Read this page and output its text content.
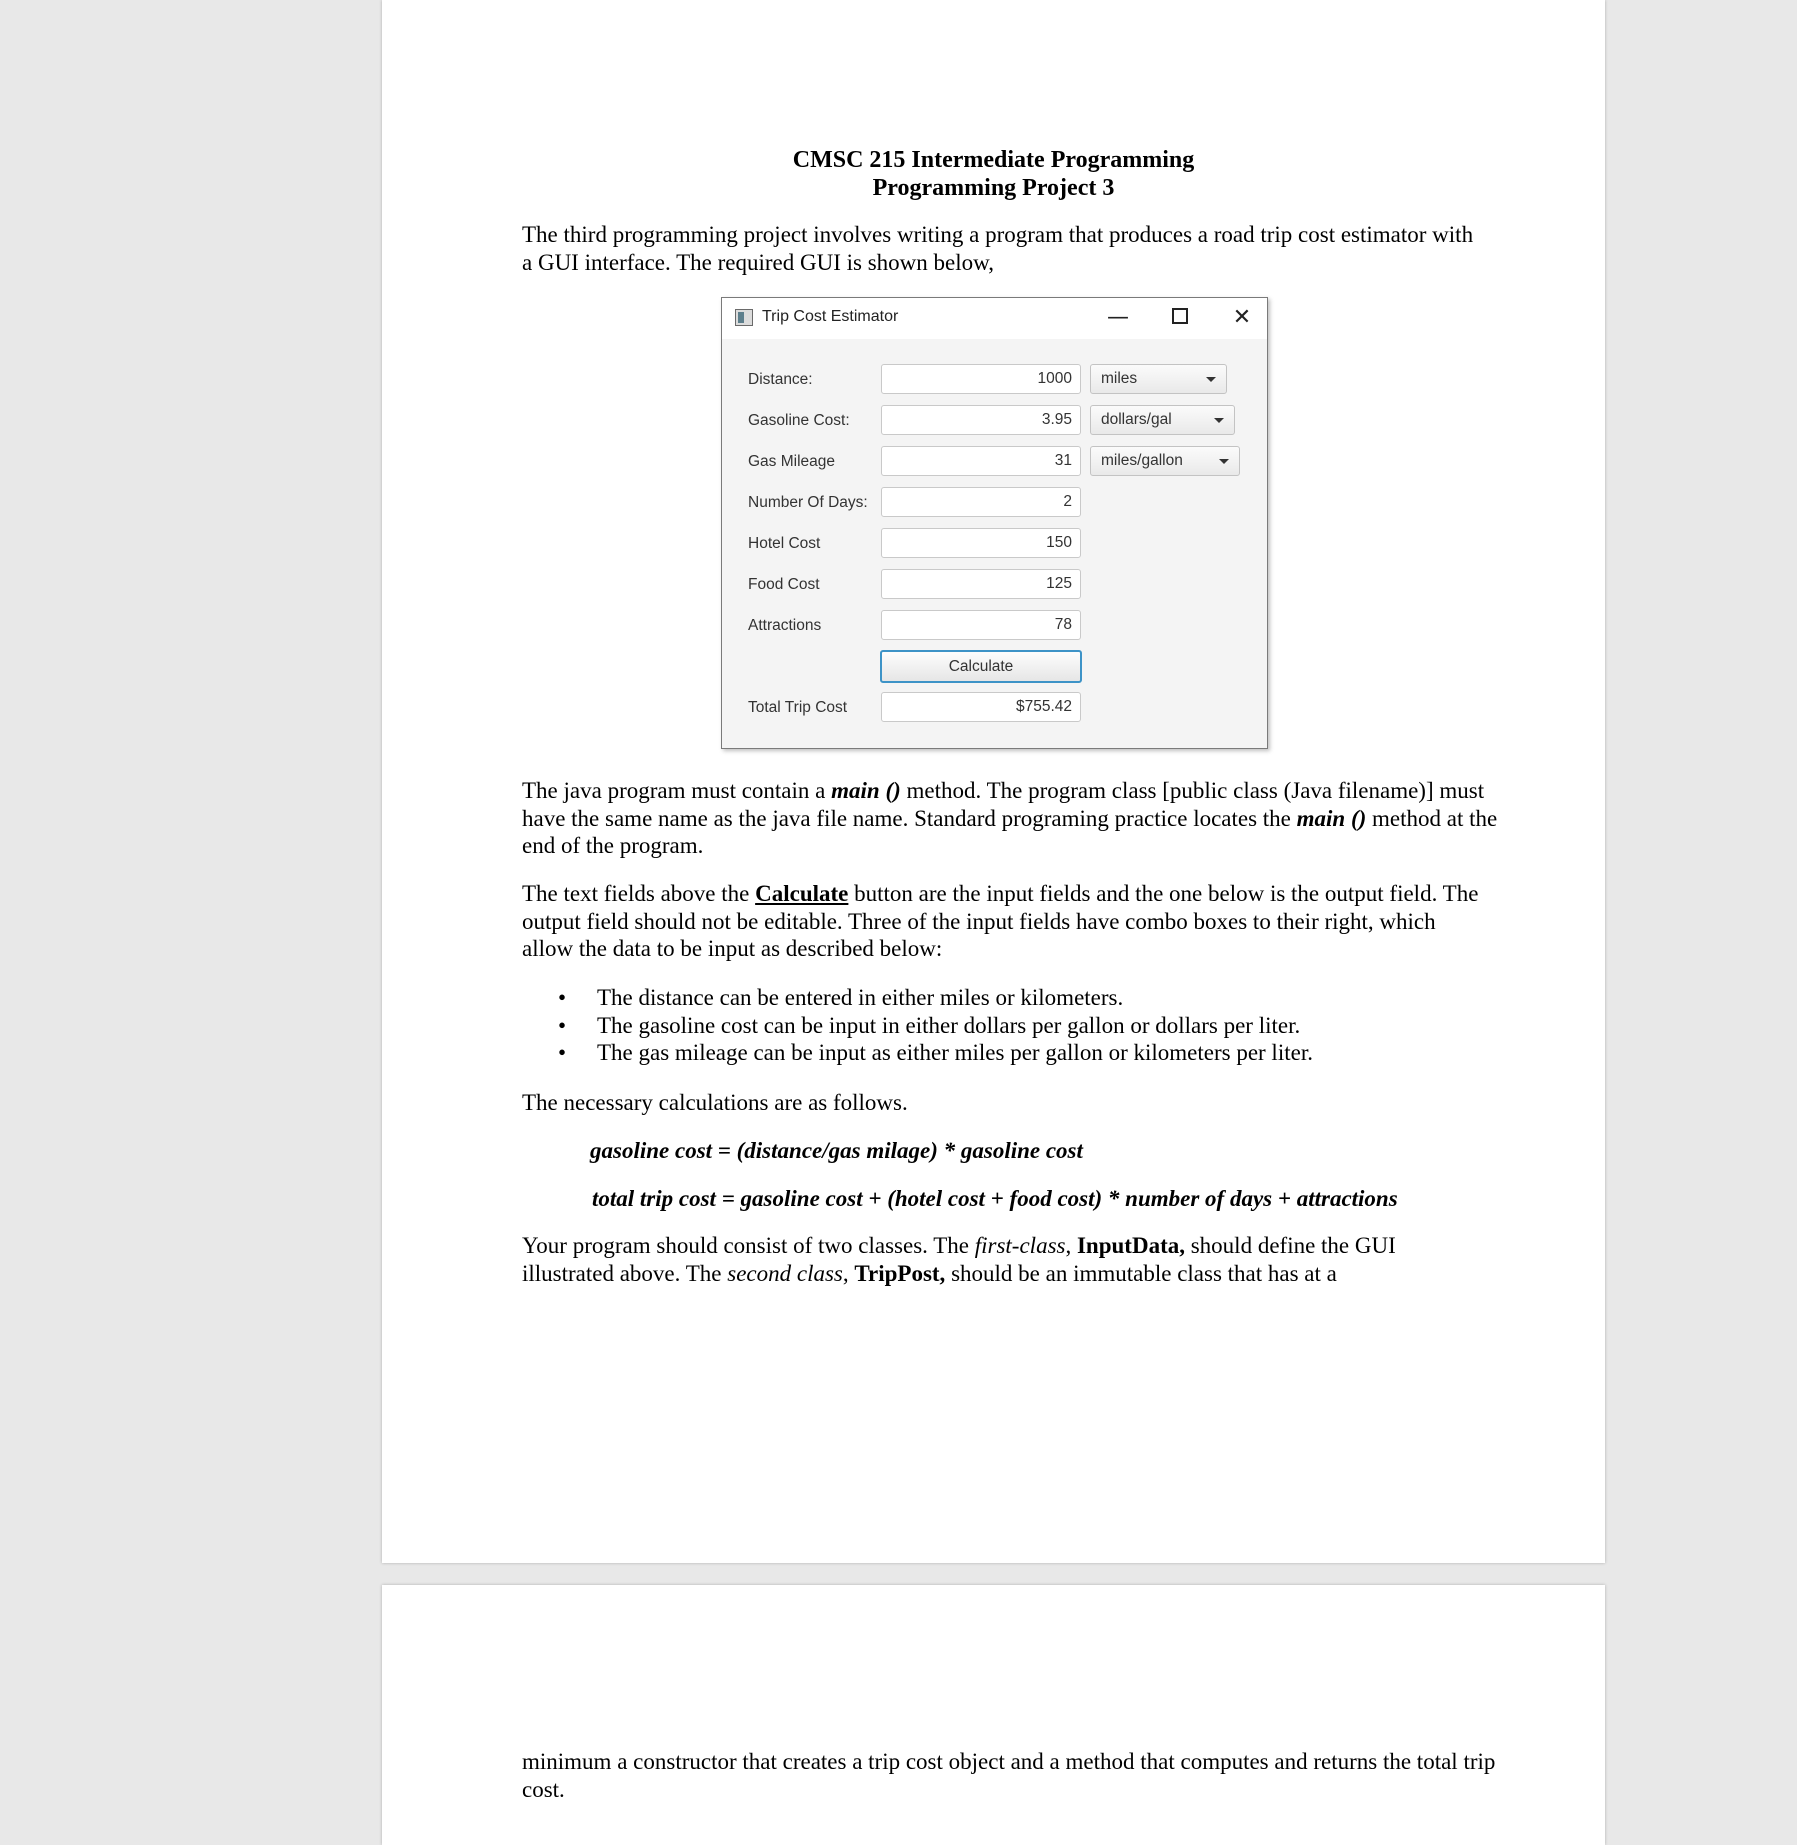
CMSC 215 Intermediate Programming
Programming Project 3
The third programming project involves writing a program that produces a road trip cost estimator with a GUI interface. The required GUI is shown below,
Trip Cost Estimator	—	✕
Distance:	1000	miles
Gasoline Cost:	3.95	dollars/gal
Gas Mileage	31	miles/gallon
Number Of Days:	2
Hotel Cost	150
Food Cost	125
Attractions	78
Calculate
Total Trip Cost	$755.42
The java program must contain a main () method. The program class [public class (Java filename)] must have the same name as the java file name. Standard programing practice locates the main () method at the end of the program.
The text fields above the Calculate button are the input fields and the one below is the output field. The output field should not be editable. Three of the input fields have combo boxes to their right, which allow the data to be input as described below:
• The distance can be entered in either miles or kilometers.
• The gasoline cost can be input in either dollars per gallon or dollars per liter.
• The gas mileage can be input as either miles per gallon or kilometers per liter.
The necessary calculations are as follows.
gasoline cost = (distance/gas milage) * gasoline cost
total trip cost = gasoline cost + (hotel cost + food cost) * number of days + attractions
Your program should consist of two classes. The first-class, InputData, should define the GUI illustrated above. The second class, TripPost, should be an immutable class that has at a
minimum a constructor that creates a trip cost object and a method that computes and returns the total trip cost.
